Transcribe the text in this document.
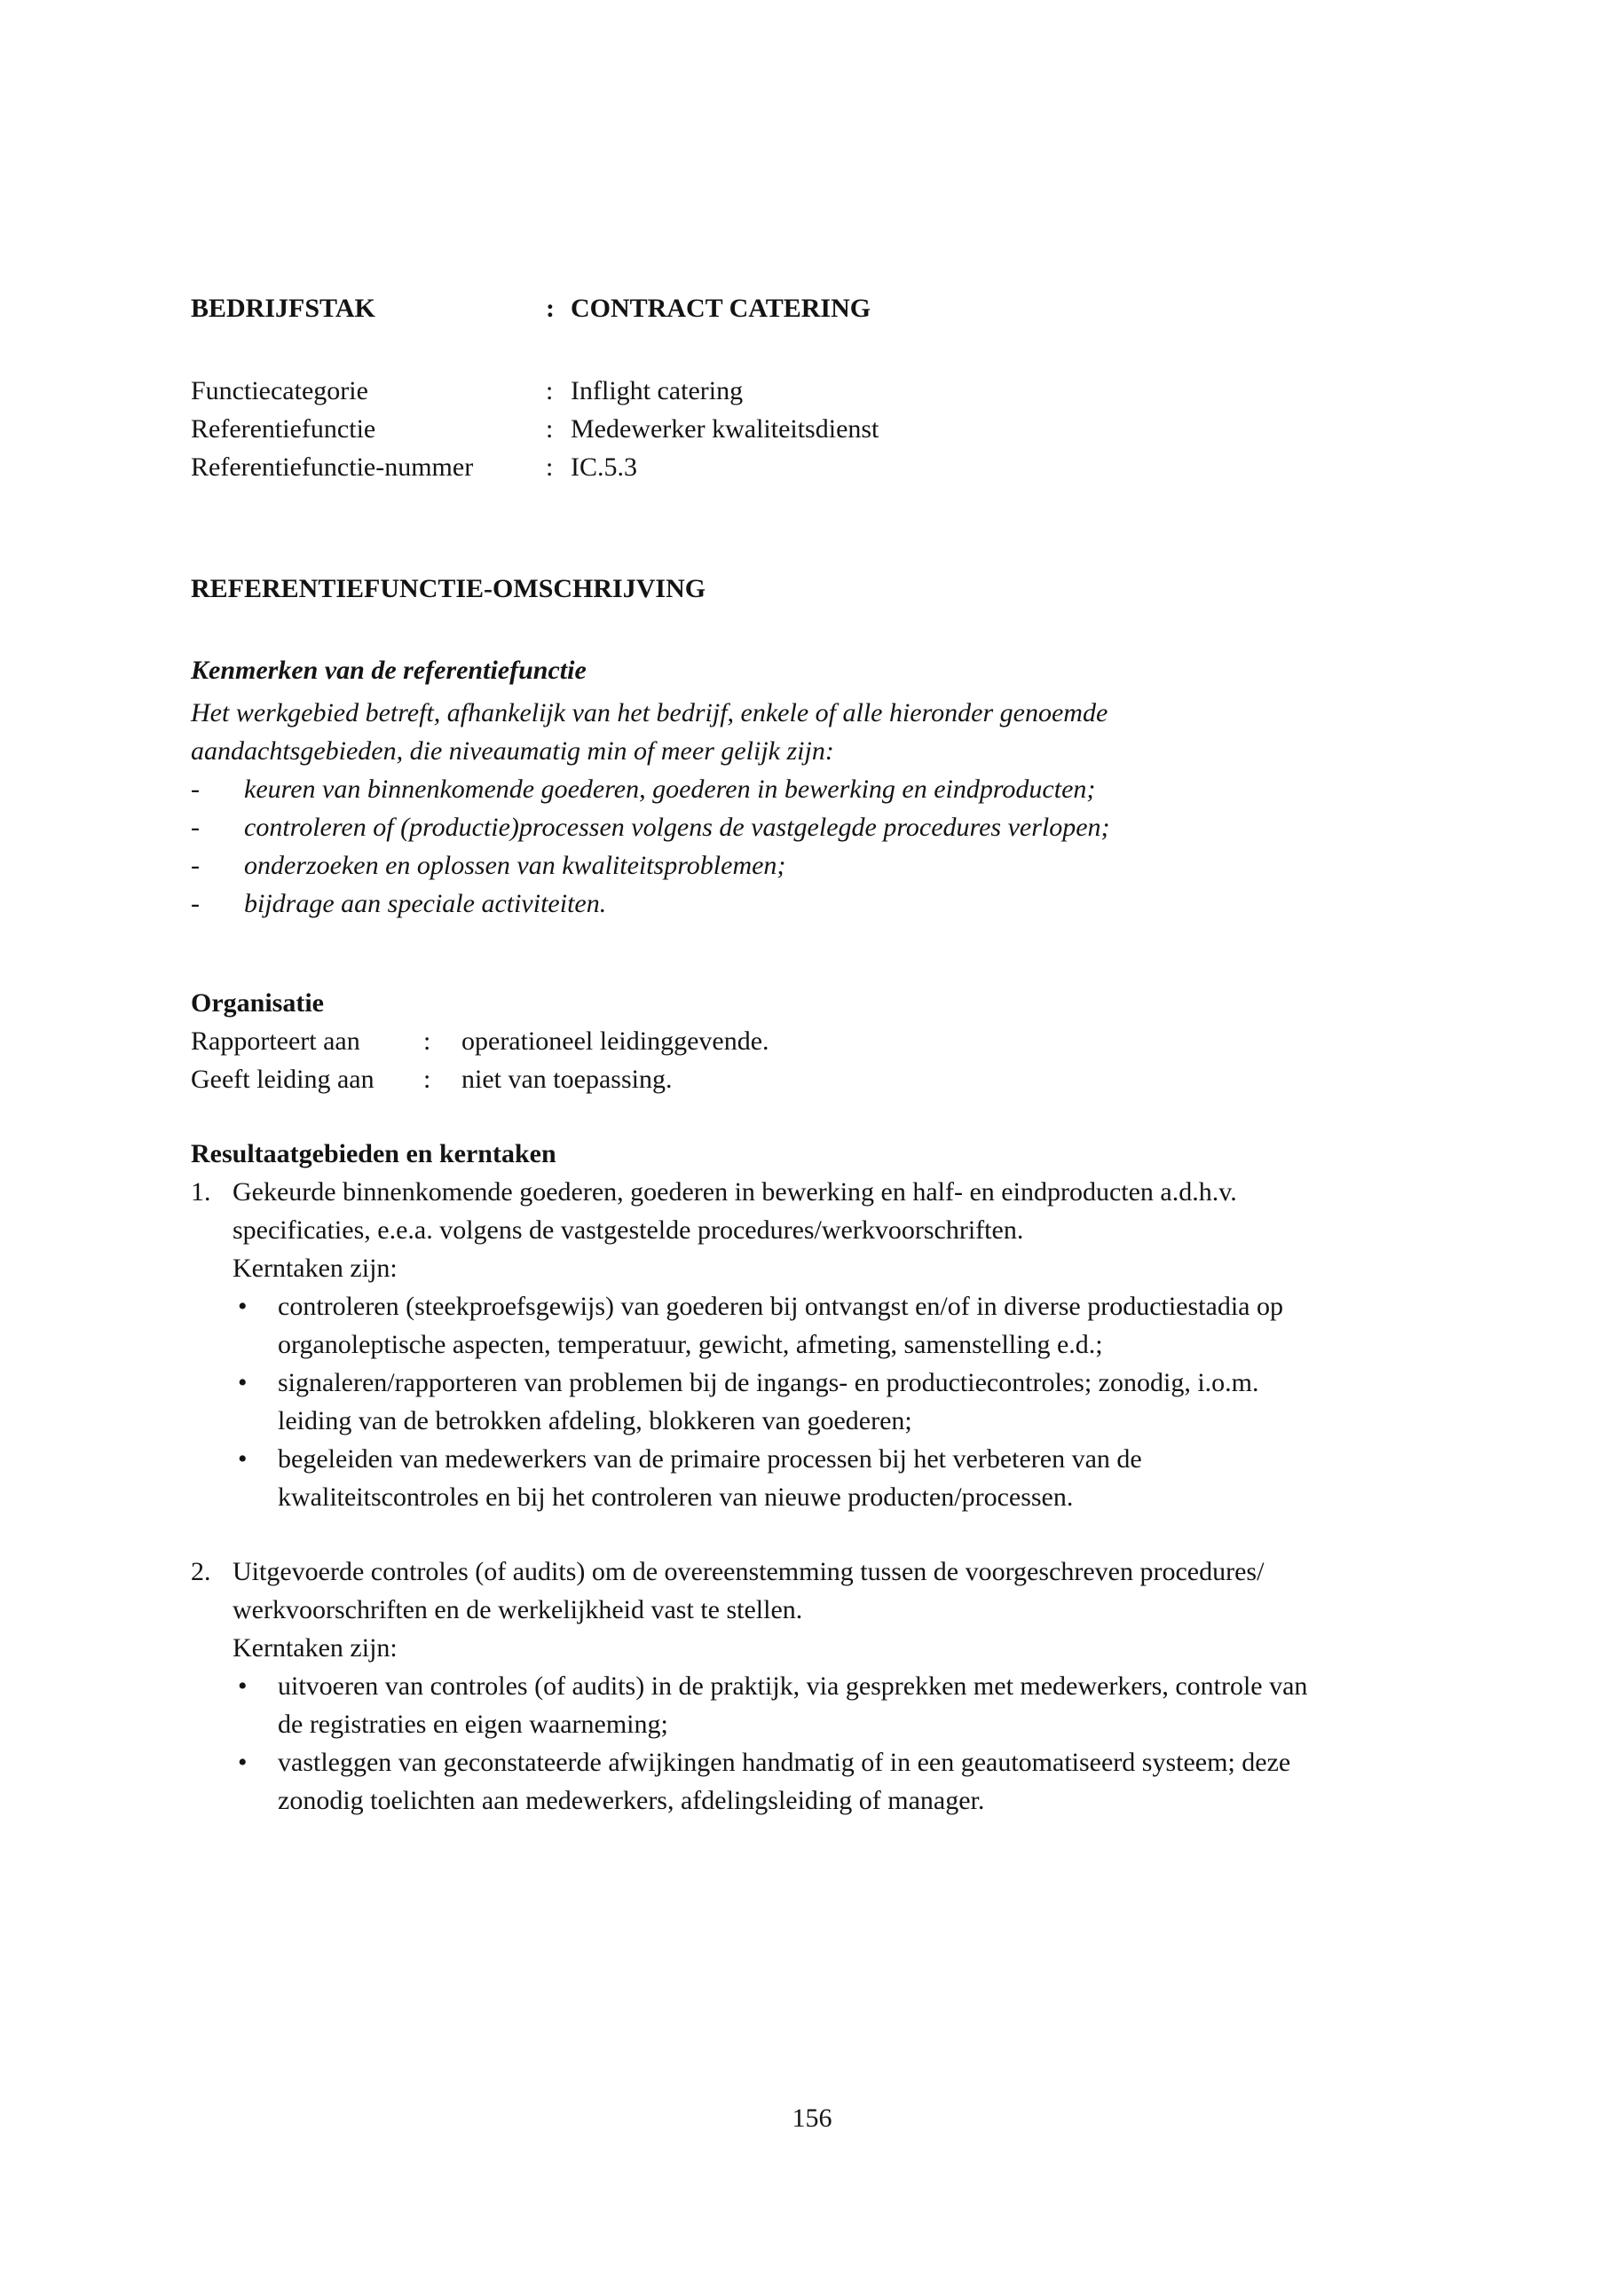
BEDRIJFSTAK	: CONTRACT CATERING
Functiecategorie	: Inflight catering
Referentiefunctie	: Medewerker kwaliteitsdienst
Referentiefunctie-nummer	: IC.5.3
REFERENTIEFUNCTIE-OMSCHRIJVING
Kenmerken van de referentiefunctie
Het werkgebied betreft, afhankelijk van het bedrijf, enkele of alle hieronder genoemde
aandachtsgebieden, die niveaumatig min of meer gelijk zijn:
-	keuren van binnenkomende goederen, goederen in bewerking en eindproducten;
-	controleren of (productie)processen volgens de vastgelegde procedures verlopen;
-	onderzoeken en oplossen van kwaliteitsproblemen;
-	bijdrage aan speciale activiteiten.
Organisatie
Rapporteert aan	:	operationeel leidinggevende.
Geeft leiding aan	:	niet van toepassing.
Resultaatgebieden en kerntaken
1. Gekeurde binnenkomende goederen, goederen in bewerking en half- en eindproducten a.d.h.v.
specificaties, e.e.a. volgens de vastgestelde procedures/werkvoorschriften.
Kerntaken zijn:
•	controleren (steekproefsgewijs) van goederen bij ontvangst en/of in diverse productiestadia op
organoleptische aspecten, temperatuur, gewicht, afmeting, samenstelling e.d.;
•	signaleren/rapporteren van problemen bij de ingangs- en productiecontroles; zonodig, i.o.m.
leiding van de betrokken afdeling, blokkeren van goederen;
•	begeleiden van medewerkers van de primaire processen bij het verbeteren van de
kwaliteitscontroles en bij het controleren van nieuwe producten/processen.
2. Uitgevoerde controles (of audits) om de overeenstemming tussen de voorgeschreven procedures/
werkvoorschriften en de werkelijkheid vast te stellen.
Kerntaken zijn:
•	uitvoeren van controles (of audits) in de praktijk, via gesprekken met medewerkers, controle van
de registraties en eigen waarneming;
•	vastleggen van geconstateerde afwijkingen handmatig of in een geautomatiseerd systeem; deze
zonodig toelichten aan medewerkers, afdelingsleiding of manager.
156
